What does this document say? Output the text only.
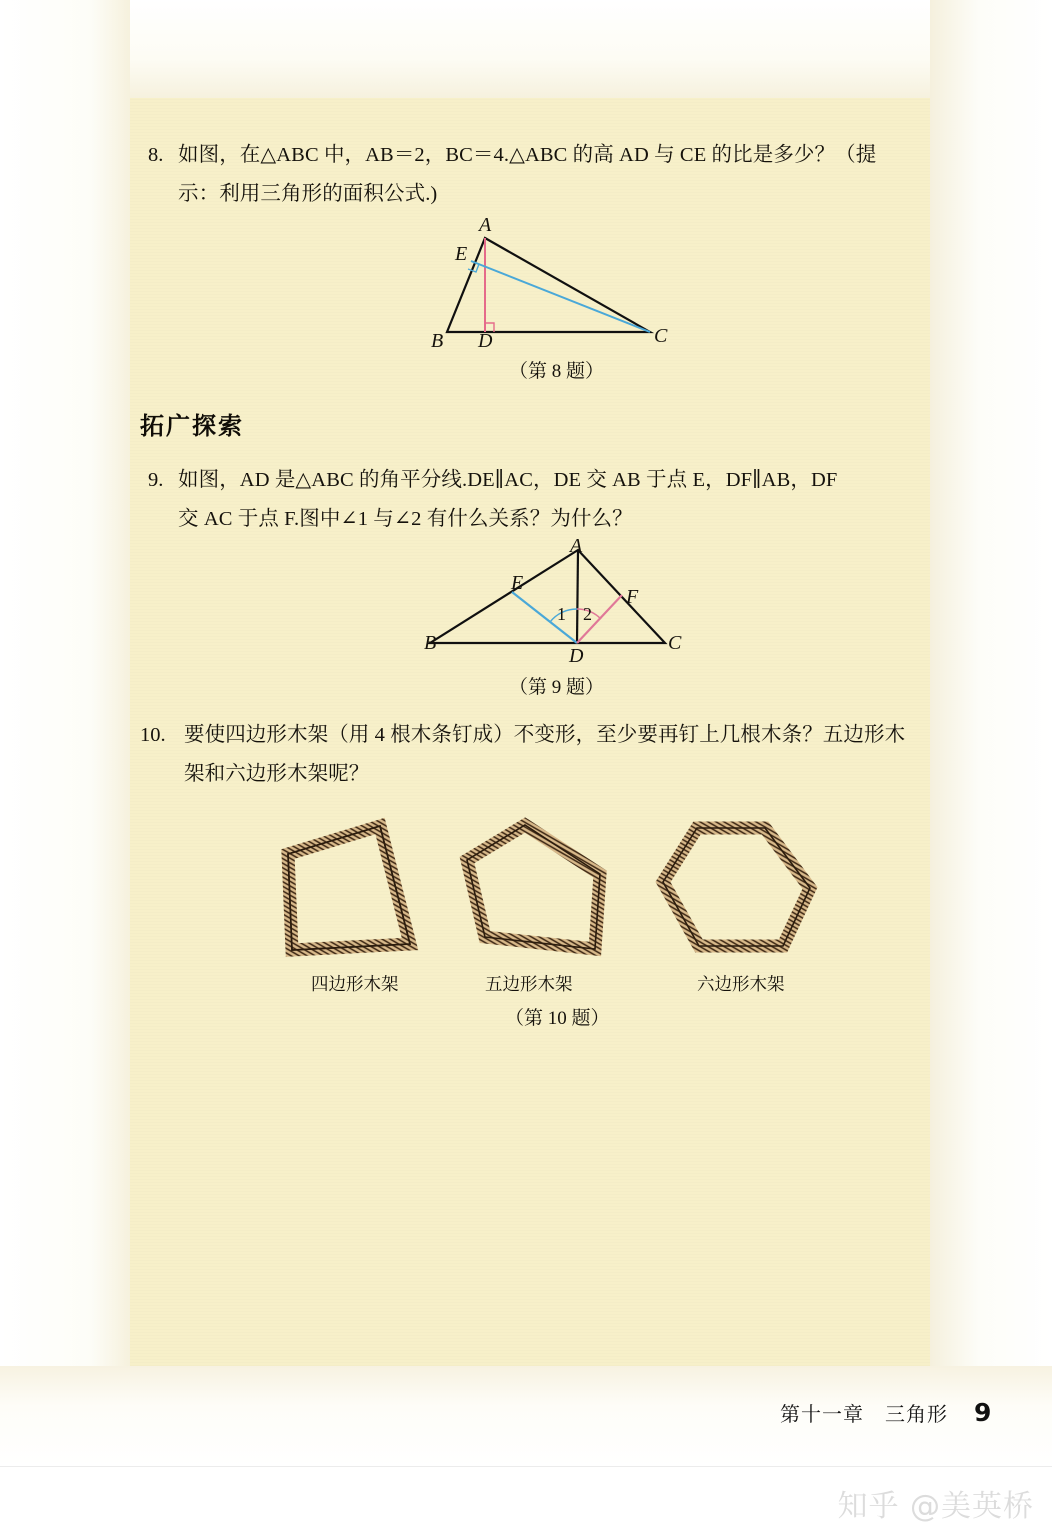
8. 如图，在△ABC 中，AB＝2，BC＝4.△ABC 的高 AD 与 CE 的比是多少？（提
示：利用三角形的面积公式.)
A
E
B D	C
（第 8 题）
拓广探索
9. 如图，AD 是△ABC 的角平分线.DE∥AC，DE 交 AB 于点 E，DF∥AB，DF
交 AC 于点 F.图中∠1 与∠2 有什么关系？为什么？
A
E
F
B
D
C
1 2
（第 9 题）
10. 要使四边形木架（用 4 根木条钉成）不变形，至少要再钉上几根木条？五边形木
架和六边形木架呢？
四边形木架	五边形木架	六边形木架
（第 10 题）
第十一章　三角形 9
知乎 @美英桥
